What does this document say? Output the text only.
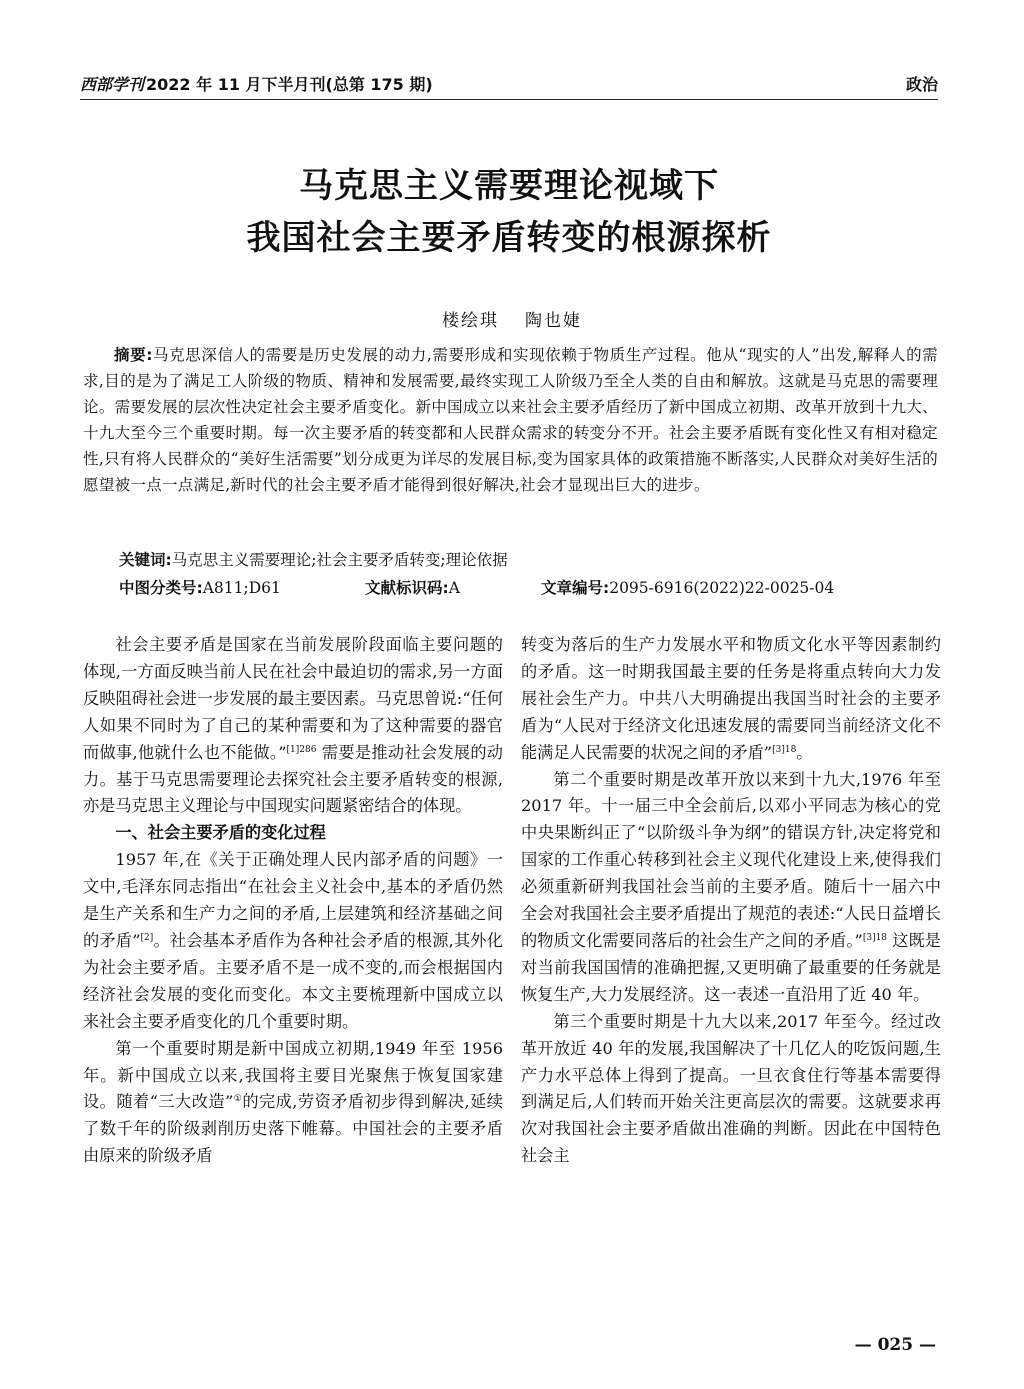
西部学刊 2022 年 11 月下半月刊(总第 175 期)	政治
马克思主义需要理论视域下
我国社会主要矛盾转变的根源探析
楼绘琪 陶也婕
摘要:马克思深信人的需要是历史发展的动力,需要形成和实现依赖于物质生产过程。他从“现实的人”出发,解释人的需求,目的是为了满足工人阶级的物质、精神和发展需要,最终实现工人阶级乃至全人类的自由和解放。这就是马克思的需要理论。需要发展的层次性决定社会主要矛盾变化。新中国成立以来社会主要矛盾经历了新中国成立初期、改革开放到十九大、十九大至今三个重要时期。每一次主要矛盾的转变都和人民群众需求的转变分不开。社会主要矛盾既有变化性又有相对稳定性,只有将人民群众的“美好生活需要”划分成更为详尽的发展目标,变为国家具体的政策措施不断落实,人民群众对美好生活的愿望被一点一点满足,新时代的社会主要矛盾才能得到很好解决,社会才显现出巨大的进步。
关键词:马克思主义需要理论;社会主要矛盾转变;理论依据
中图分类号:A811;D61	文献标识码:A	文章编号:2095-6916(2022)22-0025-04

社会主要矛盾是国家在当前发展阶段面临主要问题的体现,一方面反映当前人民在社会中最迫切的需求,另一方面反映阻碍社会进一步发展的最主要因素。马克思曾说:“任何人如果不同时为了自己的某种需要和为了这种需要的器官而做事,他就什么也不能做。”$^{[1]286}$ 需要是推动社会发展的动力。基于马克思需要理论去探究社会主要矛盾转变的根源,亦是马克思主义理论与中国现实问题紧密结合的体现。

一、社会主要矛盾的变化过程

1957 年,在《关于正确处理人民内部矛盾的问题》一文中,毛泽东同志指出“在社会主义社会中,基本的矛盾仍然是生产关系和生产力之间的矛盾,上层建筑和经济基础之间的矛盾”[2]。社会基本矛盾作为各种社会矛盾的根源,其外化为社会主要矛盾。主要矛盾不是一成不变的,而会根据国内经济社会发展的变化而变化。本文主要梳理新中国成立以来社会主要矛盾变化的几个重要时期。

第一个重要时期是新中国成立初期,1949 年至 1956 年。新中国成立以来,我国将主要目光聚焦于恢复国家建设。随着“三大改造”①的完成,劳资矛盾初步得到解决,延续了数千年的阶级剥削历史落下帷幕。中国社会的主要矛盾由原来的阶级矛盾

转变为落后的生产力发展水平和物质文化水平等因素制约的矛盾。这一时期我国最主要的任务是将重点转向大力发展社会生产力。中共八大明确提出我国当时社会的主要矛盾为“人民对于经济文化迅速发展的需要同当前经济文化不能满足人民需要的状况之间的矛盾”$^{[3]18}$。

第二个重要时期是改革开放以来到十九大,1976 年至 2017 年。十一届三中全会前后,以邓小平同志为核心的党中央果断纠正了“以阶级斗争为纲”的错误方针,决定将党和国家的工作重心转移到社会主义现代化建设上来,使得我们必须重新研判我国社会当前的主要矛盾。随后十一届六中全会对我国社会主要矛盾提出了规范的表述:“人民日益增长的物质文化需要同落后的社会生产之间的矛盾。”$^{[3]18}$ 这既是对当前我国国情的准确把握,又更明确了最重要的任务就是恢复生产,大力发展经济。这一表述一直沿用了近 40 年。

第三个重要时期是十九大以来,2017 年至今。经过改革开放近 40 年的发展,我国解决了十几亿人的吃饭问题,生产力水平总体上得到了提高。一旦衣食住行等基本需要得到满足后,人们转而开始关注更高层次的需要。这就要求再次对我国社会主要矛盾做出准确的判断。因此在中国特色社会主

— 025 —
